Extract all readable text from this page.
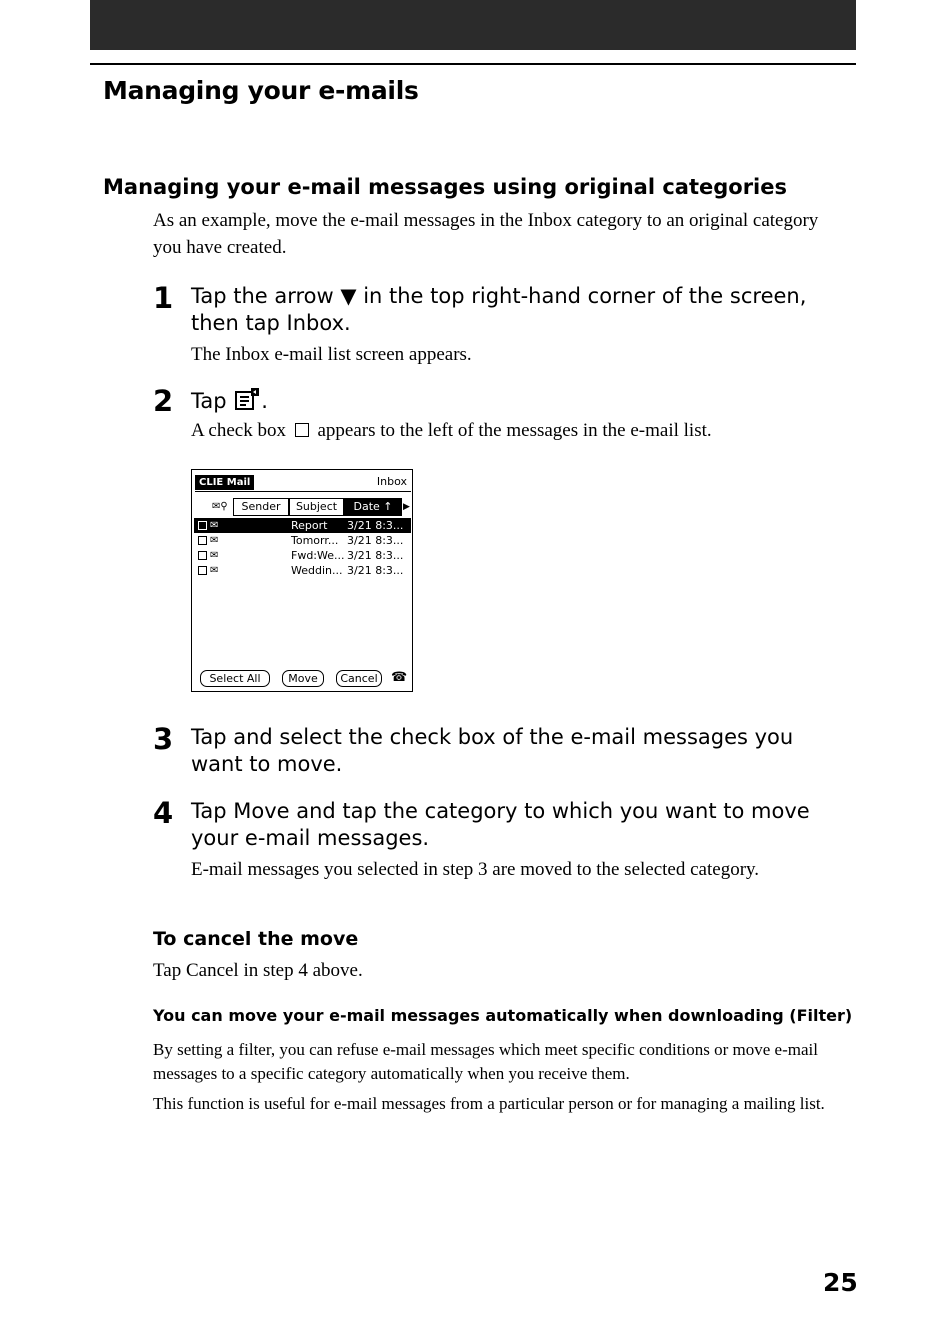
Managing your e-mails
Managing your e-mail messages using original categories

As an example, move the e-mail messages in the Inbox category to an original category you have created.

1 Tap the arrow ▼ in the top right-hand corner of the screen, then tap Inbox.

The Inbox e-mail list screen appears.

2 Tap .

A check box appears to the left of the messages in the e-mail list.

CLIE Mail	Inbox
✉⚲	Sender	Subject	Date ↑	▶
✉	Report 3/21 8:3...
✉	Tomorr... 3/21 8:3...
✉	Fwd:We... 3/21 8:3...
✉	Weddin... 3/21 8:3...
Select All	Move	Cancel	☎
3 Tap and select the check box of the e-mail messages you want to move.

4 Tap Move and tap the category to which you want to move your e-mail messages.

E-mail messages you selected in step 3 are moved to the selected category.

To cancel the move

Tap Cancel in step 4 above.

You can move your e-mail messages automatically when downloading (Filter)

By setting a filter, you can refuse e-mail messages which meet specific conditions or move e-mail messages to a specific category automatically when you receive them.

This function is useful for e-mail messages from a particular person or for managing a mailing list.

25
